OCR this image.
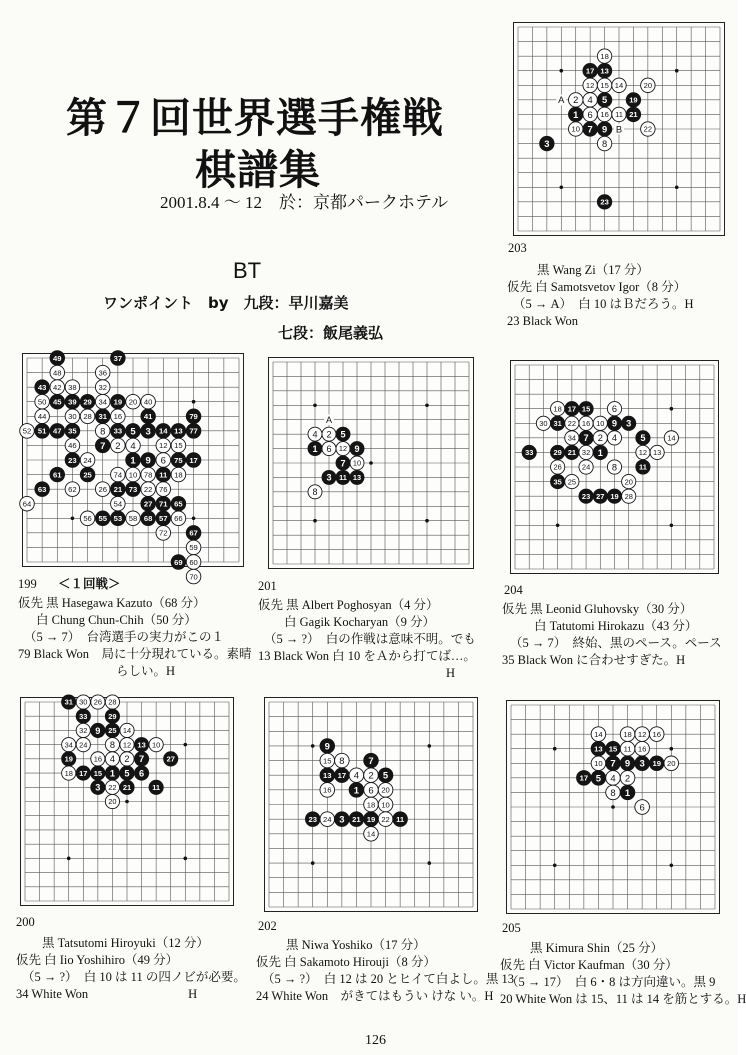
第７回世界選手権戦
棋譜集
2001.8.4 ～ 12　於：京都パークホテル
BT
ワンポイント　by　九段：早川嘉美
七段：飯尾義弘
18
17 13
12 15 14	20
A 2 4 5	19
1 6 16 11 21
10 7 9 B	22
3	8
23
49	37
48	36
43 42 38	32
50 45 39 29 34 19 20 40
44	30 28 31 16	41	79
52 51 47 35 8 33 5 3 14 13 77
46 7 2 4	12 15
23 24	1 9 6 75 17
61	25	74 10 78 11 18
63	62	26 21 73 22 76
64	54	27 71 65
56 55 53 58 68 57 66
72	67
59
69 60
70
A
4 2 5
1 6 12 9
7 10
3 11 13
8
18 17 15 6
30 31 22 16 10 9 3
34 7 2 4	5	14
33	29 21 32 1	12 13
26	24 8	11
35 25	20
23 27 19 28
31 30 26 28
33	29
32 9 25 14
34 24 8 12 13 10
19	16 4 2 7	27
18 17 15 1 5 6
3 22 21	11
20
9
15 8	7
13 17 4 2 5
16 1 6 20
18 10
23 24 3 21 19 22 11
14
14	18 12 16
13 15 11 16
10 7 9 3 19 20
17 5 4 2
8 1
6
203
黒 Wang Zi（17 分）
仮先 白 Samotsvetov Igor（8 分）
（5 → A）　白 10 はＢだろう。H
23 Black Won
199 ＜１回戦＞
仮先 黒 Hasegawa Kazuto（68 分）
白 Chung Chun-Chih（50 分）
（5 → 7）　台湾選手の実力がこの１
79 Black Won　局に十分現れている。素晴
らしい。H
201
仮先 黒 Albert Poghosyan（4 分）
白 Gagik Kocharyan（9 分）
（5 → ?）　白の作戦は意味不明。でも
13 Black Won 白 10 をＡから打てば…。
H
204
仮先 黒 Leonid Gluhovsky（30 分）
白 Tatutomi Hirokazu（43 分）
（5 → 7）　終始、黒のペース。ペース
35 Black Won に合わせすぎた。H
200
黒 Tatsutomi Hiroyuki（12 分）
仮先 白 Iio Yoshihiro（49 分）
（5 → ?）　白 10 は 11 の四ノビが必要。
34 White Won　　　　　　　　H
202
黒 Niwa Yoshiko（17 分）
仮先 白 Sakamoto Hirouji（8 分）
（5 → ?）　白 12 は 20 とヒイて白よし。黒 13
24 White Won　がきてはもうい けな い。H
205
黒 Kimura Shin（25 分）
仮先 白 Victor Kaufman（30 分）
（5 → 17）　白 6・8 は方向違い。黒 9
20 White Won は 15、11 は 14 を筋とする。H
126
